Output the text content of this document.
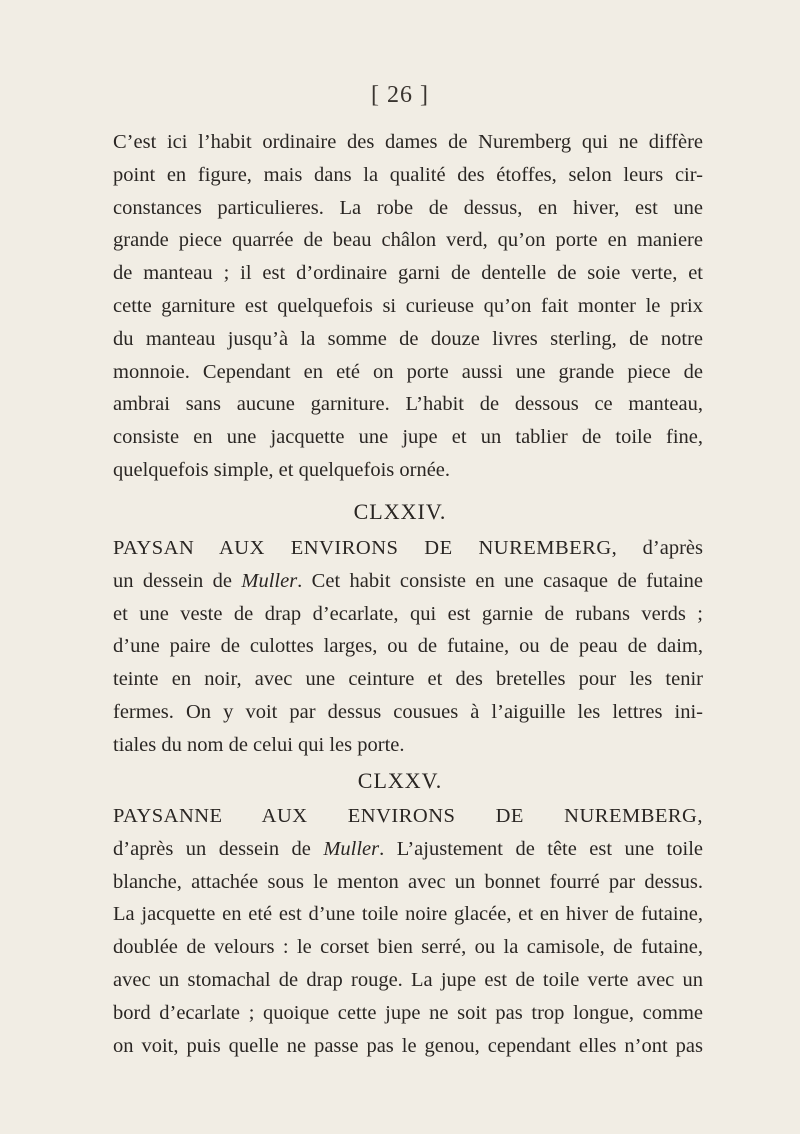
[ 26 ]
C’est ici l’habit ordinaire des dames de Nuremberg qui ne diffère
point en figure, mais dans la qualité des étoffes, selon leurs cir-
constances particulieres. La robe de dessus, en hiver, est une
grande piece quarrée de beau châlon verd, qu’on porte en maniere
de manteau ; il est d’ordinaire garni de dentelle de soie verte, et
cette garniture est quelquefois si curieuse qu’on fait monter le prix
du manteau jusqu’à la somme de douze livres sterling, de notre
monnoie. Cependant en eté on porte aussi une grande piece de
ambrai sans aucune garniture. L’habit de dessous ce manteau,
consiste en une jacquette une jupe et un tablier de toile fine,
quelquefois simple, et quelquefois ornée.
CLXXIV.
PAYSAN AUX ENVIRONS DE NUREMBERG, d’après
un dessein de Muller. Cet habit consiste en une casaque de futaine
et une veste de drap d’ecarlate, qui est garnie de rubans verds ;
d’une paire de culottes larges, ou de futaine, ou de peau de daim,
teinte en noir, avec une ceinture et des bretelles pour les tenir
fermes. On y voit par dessus cousues à l’aiguille les lettres ini-
tiales du nom de celui qui les porte.
CLXXV.
PAYSANNE AUX ENVIRONS DE NUREMBERG,
d’après un dessein de Muller. L’ajustement de tête est une toile
blanche, attachée sous le menton avec un bonnet fourré par dessus.
La jacquette en eté est d’une toile noire glacée, et en hiver de futaine,
doublée de velours : le corset bien serré, ou la camisole, de futaine,
avec un stomachal de drap rouge. La jupe est de toile verte avec un
bord d’ecarlate ; quoique cette jupe ne soit pas trop longue, comme
on voit, puis quelle ne passe pas le genou, cependant elles n’ont pas
